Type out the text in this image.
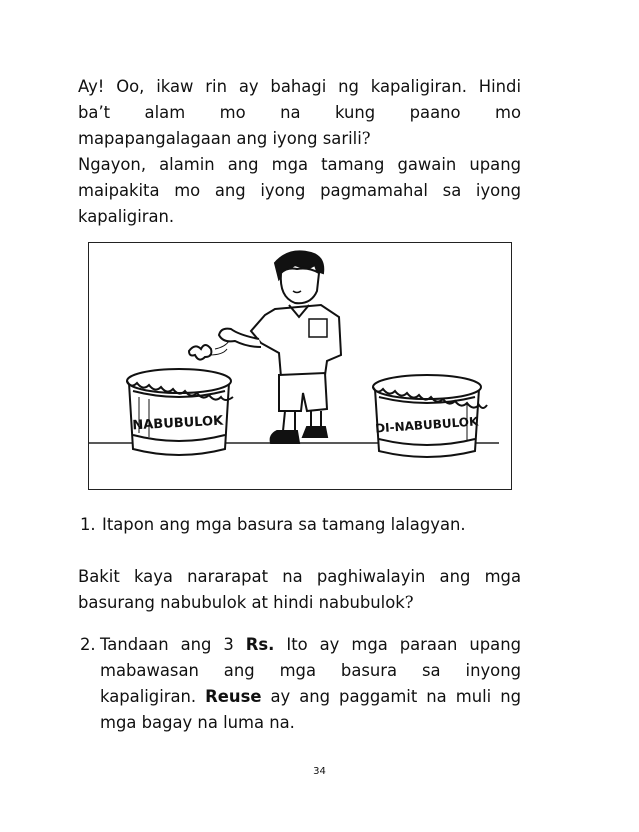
Ay! Oo, ikaw rin ay bahagi ng kapaligiran. Hindi
ba’t alam mo na kung paano mo
mapapangalagaan ang iyong sarili?
Ngayon, alamin ang mga tamang gawain upang
maipakita mo ang iyong pagmamahal sa iyong
kapaligiran.
NABUBULOK	DI-NABUBULOK
1. Itapon ang mga basura sa tamang lalagyan.
Bakit kaya nararapat na paghiwalayin ang mga
basurang nabubulok at hindi nabubulok?
2. Tandaan ang 3 Rs. Ito ay mga paraan upang
mabawasan ang mga basura sa inyong
kapaligiran. Reuse ay ang paggamit na muli ng
mga bagay na luma na.
34
